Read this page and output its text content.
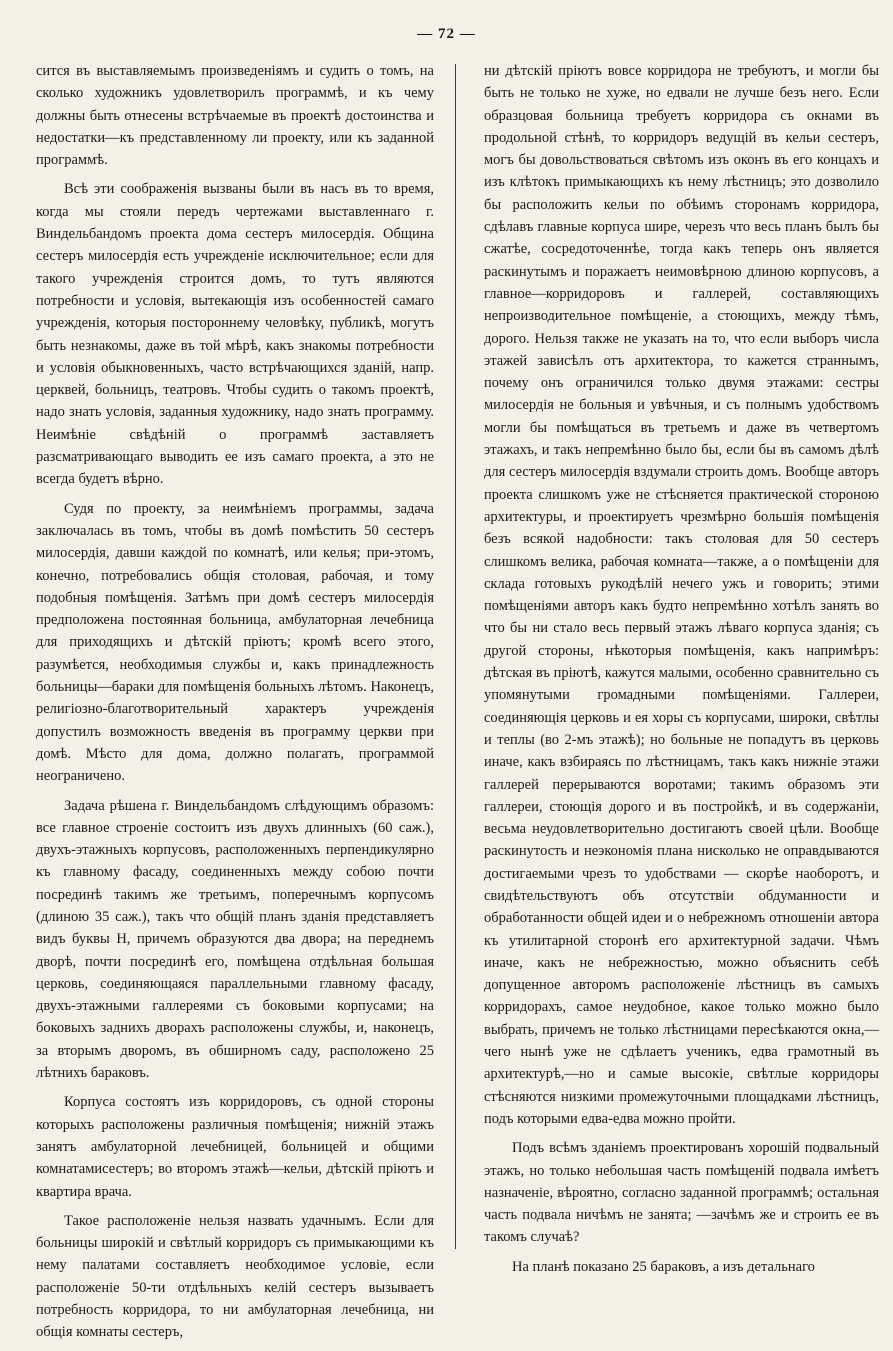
— 72 —

сится въ выставляемымъ произведеніямъ и судить о томъ, на сколько художникъ удовлетворилъ программѣ, и къ чему должны быть отнесены встрѣчаемые въ проектѣ достоинства и недостатки—къ представленному ли проекту, или къ заданной программѣ.

Всѣ эти соображенія вызваны были въ насъ въ то время, когда мы стояли передъ чертежами выставленнаго г. Виндельбандомъ проекта дома сестеръ милосердія. Община сестеръ милосердія есть учрежденіе исключительное; если для такого учрежденія строится домъ, то тутъ являются потребности и условія, вытекающія изъ особенностей самаго учрежденія, которыя постороннему человѣку, публикѣ, могутъ быть незнакомы, даже въ той мѣрѣ, какъ знакомы потребности и условія обыкновенныхъ, часто встрѣчающихся зданій, напр. церквей, больницъ, театровъ. Чтобы судить о такомъ проектѣ, надо знать условія, заданныя художнику, надо знать программу. Неимѣніе свѣдѣній о программѣ заставляетъ разсматривающаго выводить ее изъ самаго проекта, а это не всегда будетъ вѣрно.

Судя по проекту, за неимѣніемъ программы, задача заключалась въ томъ, чтобы въ домѣ помѣстить 50 сестеръ милосердія, давши каждой по комнатѣ, или келья; при-этомъ, конечно, потребовались общія столовая, рабочая, и тому подобныя помѣщенія. Затѣмъ при домѣ сестеръ милосердія предположена постоянная больница, амбулаторная лечебница для приходящихъ и дѣтскій пріютъ; кромѣ всего этого, разумѣется, необходимыя службы и, какъ принадлежность больницы—бараки для помѣщенія больныхъ лѣтомъ. Наконецъ, религіозно-благотворительный характеръ учрежденія допустилъ возможность введенія въ программу церкви при домѣ. Мѣсто для дома, должно полагать, программой неограничено.

Задача рѣшена г. Виндельбандомъ слѣдующимъ образомъ: все главное строеніе состоитъ изъ двухъ длинныхъ (60 саж.), двухъ-этажныхъ корпусовъ, расположенныхъ перпендикулярно къ главному фасаду, соединенныхъ между собою почти посрединѣ такимъ же третьимъ, поперечнымъ корпусомъ (длиною 35 саж.), такъ что общій планъ зданія представляетъ видъ буквы Н, причемъ образуются два двора; на переднемъ дворѣ, почти посрединѣ его, помѣщена отдѣльная большая церковь, соединяющаяся параллельными главному фасаду, двухъ-этажными галлереями съ боковыми корпусами; на боковыхъ заднихъ дворахъ расположены службы, и, наконецъ, за вторымъ дворомъ, въ обширномъ саду, расположено 25 лѣтнихъ бараковъ.

Корпуса состоятъ изъ корридоровъ, съ одной стороны которыхъ расположены различныя помѣщенія; нижній этажъ занятъ амбулаторной лечебницей, больницей и общими комнатамисестеръ; во второмъ этажѣ—кельи, дѣтскій пріютъ и квартира врача.

Такое расположеніе нельзя назвать удачнымъ. Если для больницы широкій и свѣтлый корридоръ съ примыкающими къ нему палатами составляетъ необходимое условіе, если расположеніе 50-ти отдѣльныхъ келій сестеръ вызываетъ потребность корридора, то ни амбулаторная лечебница, ни общія комнаты сестеръ,

ни дѣтскій пріютъ вовсе корридора не требуютъ, и могли бы быть не только не хуже, но едвали не лучше безъ него. Если образцовая больница требуетъ корридора съ окнами въ продольной стѣнѣ, то корридоръ ведущій въ кельи сестеръ, могъ бы довольствоваться свѣтомъ изъ оконъ въ его концахъ и изъ клѣтокъ примыкающихъ къ нему лѣстницъ; это дозволило бы расположить кельи по обѣимъ сторонамъ корридора, сдѣлавъ главные корпуса шире, черезъ что весь планъ былъ бы сжатѣе, сосредоточеннѣе, тогда какъ теперь онъ является раскинутымъ и поражаетъ неимовѣрною длиною корпусовъ, а главное—корридоровъ и галлерей, составляющихъ непроизводительное помѣщеніе, а стоющихъ, между тѣмъ, дорого. Нельзя также не указать на то, что если выборъ числа этажей зависѣлъ отъ архитектора, то кажется страннымъ, почему онъ ограничился только двумя этажами: сестры милосердія не больныя и увѣчныя, и съ полнымъ удобствомъ могли бы помѣщаться въ третьемъ и даже въ четвертомъ этажахъ, и такъ непремѣнно было бы, если бы въ самомъ дѣлѣ для сестеръ милосердія вздумали строить домъ. Вообще авторъ проекта слишкомъ уже не стѣсняется практической стороною архитектуры, и проектируетъ чрезмѣрно большія помѣщенія безъ всякой надобности: такъ столовая для 50 сестеръ слишкомъ велика, рабочая комната—также, а о помѣщеніи для склада готовыхъ рукодѣлій нечего ужъ и говорить; этими помѣщеніями авторъ какъ будто непремѣнно хотѣлъ занять во что бы ни стало весь первый этажъ лѣваго корпуса зданія; съ другой стороны, нѣкоторыя помѣщенія, какъ напримѣръ: дѣтская въ пріютѣ, кажутся малыми, особенно сравнительно съ упомянутыми громадными помѣщеніями. Галлереи, соединяющія церковь и ея хоры съ корпусами, широки, свѣтлы и теплы (во 2-мъ этажѣ); но больные не попадутъ въ церковь иначе, какъ взбираясь по лѣстницамъ, такъ какъ нижніе этажи галлерей перерываются воротами; такимъ образомъ эти галлереи, стоющія дорого и въ постройкѣ, и въ содержаніи, весьма неудовлетворительно достигаютъ своей цѣли. Вообще раскинутость и неэкономія плана нисколько не оправдываются достигаемыми чрезъ то удобствами — скорѣе наоборотъ, и свидѣтельствуютъ объ отсутствіи обдуманности и обработанности общей идеи и о небрежномъ отношеніи автора къ утилитарной сторонѣ его архитектурной задачи. Чѣмъ иначе, какъ не небрежностью, можно объяснить себѣ допущенное авторомъ расположеніе лѣстницъ въ самыхъ корридорахъ, самое неудобное, какое только можно было выбрать, причемъ не только лѣстницами пересѣкаются окна,—чего нынѣ уже не сдѣлаетъ ученикъ, едва грамотный въ архитектурѣ,—но и самые высокіе, свѣтлые корридоры стѣсняются низкими промежуточными площадками лѣстницъ, подъ которыми едва-едва можно пройти.

Подъ всѣмъ зданіемъ проектированъ хорошій подвальный этажъ, но только небольшая часть помѣщеній подвала имѣетъ назначеніе, вѣроятно, согласно заданной программѣ; остальная часть подвала ничѣмъ не занята; —зачѣмъ же и строить ее въ такомъ случаѣ?

На планѣ показано 25 бараковъ, а изъ детальнаго
